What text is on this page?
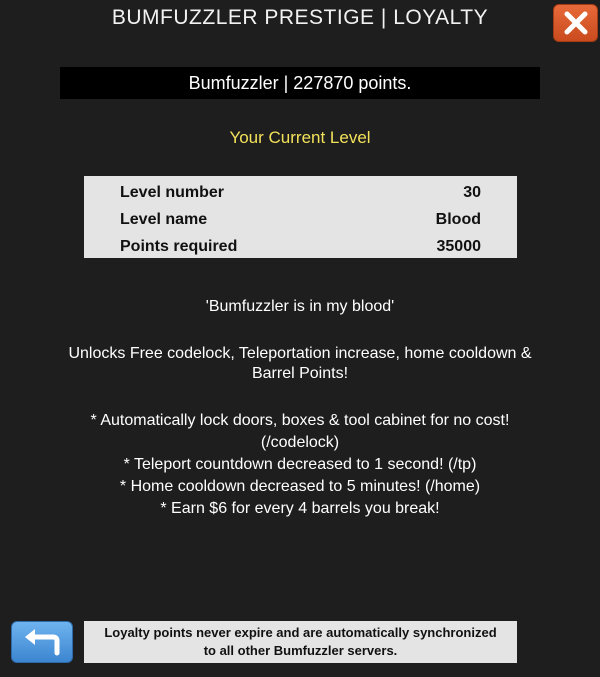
BUMFUZZLER PRESTIGE | LOYALTY
Bumfuzzler | 227870 points.
Your Current Level
Level number	30
Level name	Blood
Points required	35000
'Bumfuzzler is in my blood'
Unlocks Free codelock, Teleportation increase, home cooldown & Barrel Points!
* Automatically lock doors, boxes & tool cabinet for no cost! (/codelock)
* Teleport countdown decreased to 1 second! (/tp)
* Home cooldown decreased to 5 minutes! (/home)
* Earn $6 for every 4 barrels you break!
Loyalty points never expire and are automatically synchronized to all other Bumfuzzler servers.
